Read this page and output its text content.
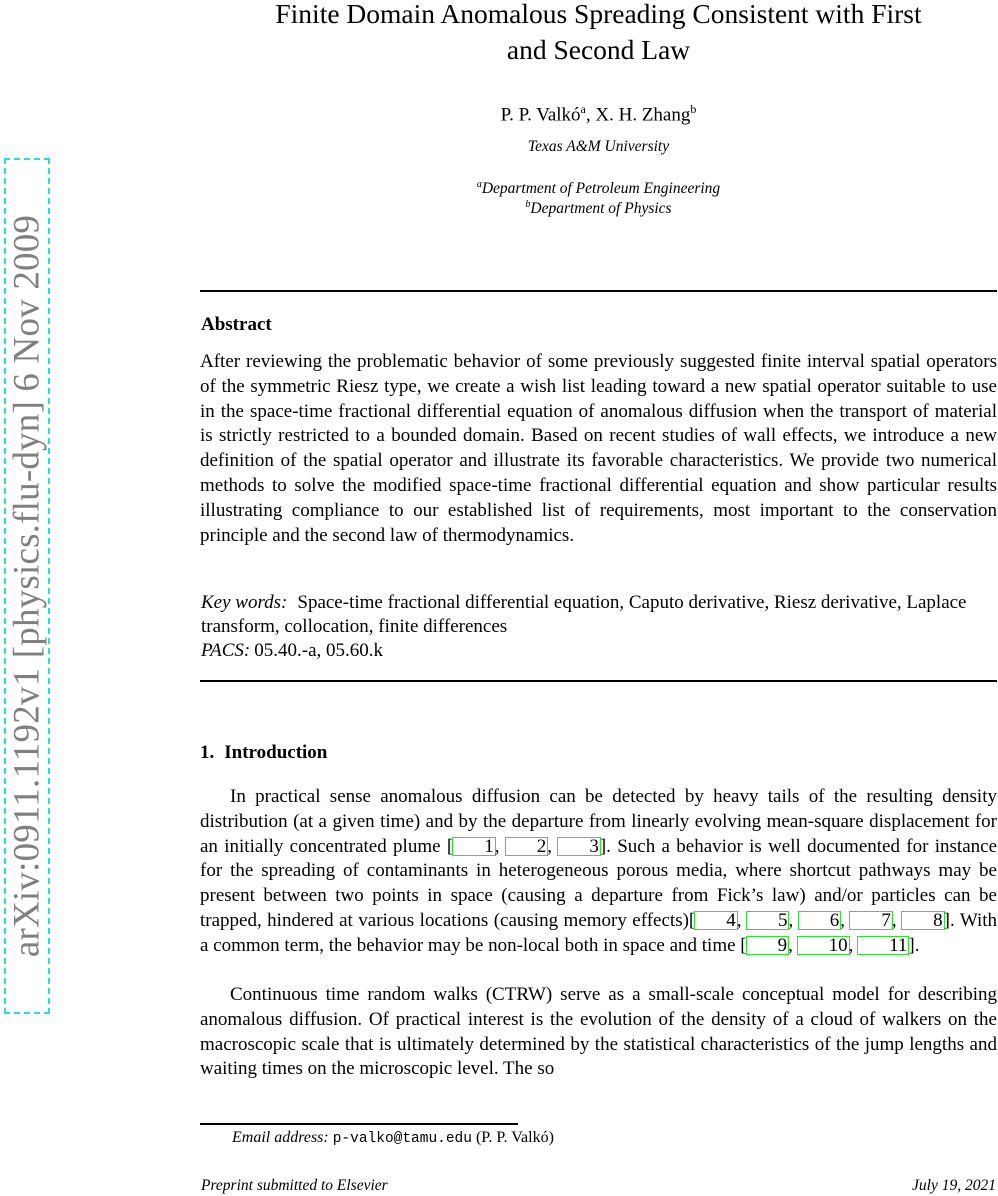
arXiv:0911.1192v1 [physics.flu-dyn] 6 Nov 2009
Finite Domain Anomalous Spreading Consistent with First
and Second Law
P. P. Valkó$^a$, X. H. Zhang$^b$
Texas A&M University
$^a$Department of Petroleum Engineering
$^b$Department of Physics
Abstract
After reviewing the problematic behavior of some previously suggested finite interval spatial operators of the symmetric Riesz type, we create a wish list leading toward a new spatial operator suitable to use in the space-time fractional differential equation of anomalous diffusion when the transport of material is strictly restricted to a bounded domain. Based on recent studies of wall effects, we introduce a new definition of the spatial operator and illustrate its favorable characteristics. We provide two numerical methods to solve the modified space-time fractional differential equation and show particular results illustrating compliance to our established list of requirements, most important to the conservation principle and the second law of thermodynamics.
Key words: Space-time fractional differential equation, Caputo derivative, Riesz derivative, Laplace transform, collocation, finite differences
PACS: 05.40.-a, 05.60.k
1. Introduction
In practical sense anomalous diffusion can be detected by heavy tails of the resulting density distribution (at a given time) and by the departure from linearly evolving mean-square displacement for an initially concentrated plume [ 1, 2, 3]. Such a behavior is well documented for instance for the spreading of contaminants in heterogeneous porous media, where shortcut pathways may be present between two points in space (causing a departure from Fick’s law) and/or particles can be trapped, hindered at various locations (causing memory effects)[ 4, 5, 6, 7, 8]. With a common term, the behavior may be non-local both in space and time [ 9, 10, 11].
Continuous time random walks (CTRW) serve as a small-scale conceptual model for describing anomalous diffusion. Of practical interest is the evolution of the density of a cloud of walkers on the macroscopic scale that is ultimately determined by the statistical characteristics of the jump lengths and waiting times on the microscopic level. The so
Email address: p-valko@tamu.edu (P. P. Valkó)
Preprint submitted to Elsevier	July 19, 2021
